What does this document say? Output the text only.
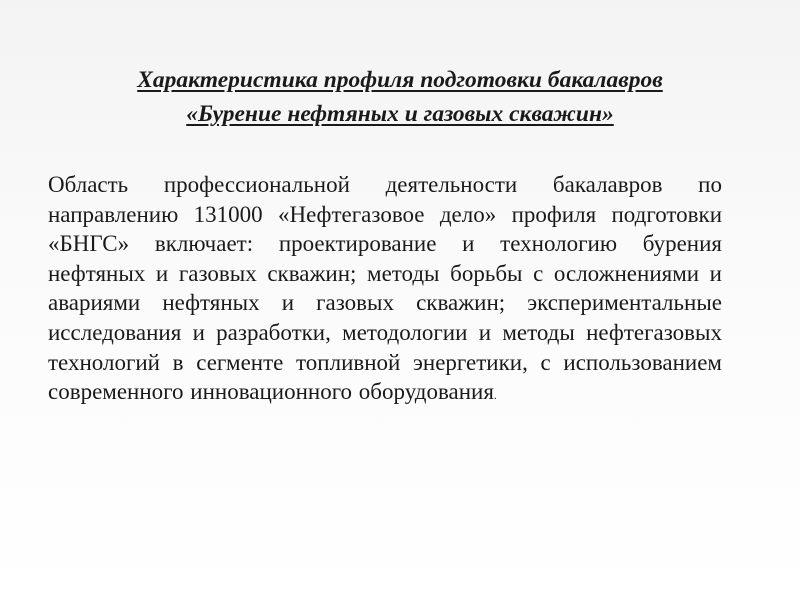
Характеристика профиля подготовки бакалавров
«Бурение нефтяных и газовых скважин»
Область профессиональной деятельности бакалавров по направлению 131000 «Нефтегазовое дело» профиля подготовки «БНГС» включает: проектирование и технологию бурения нефтяных и газовых скважин; методы борьбы с осложнениями и авариями нефтяных и газовых скважин; экспериментальные исследования и разработки, методологии и методы нефтегазовых технологий в сегменте топливной энергетики, с использованием современного инновационного оборудования.
